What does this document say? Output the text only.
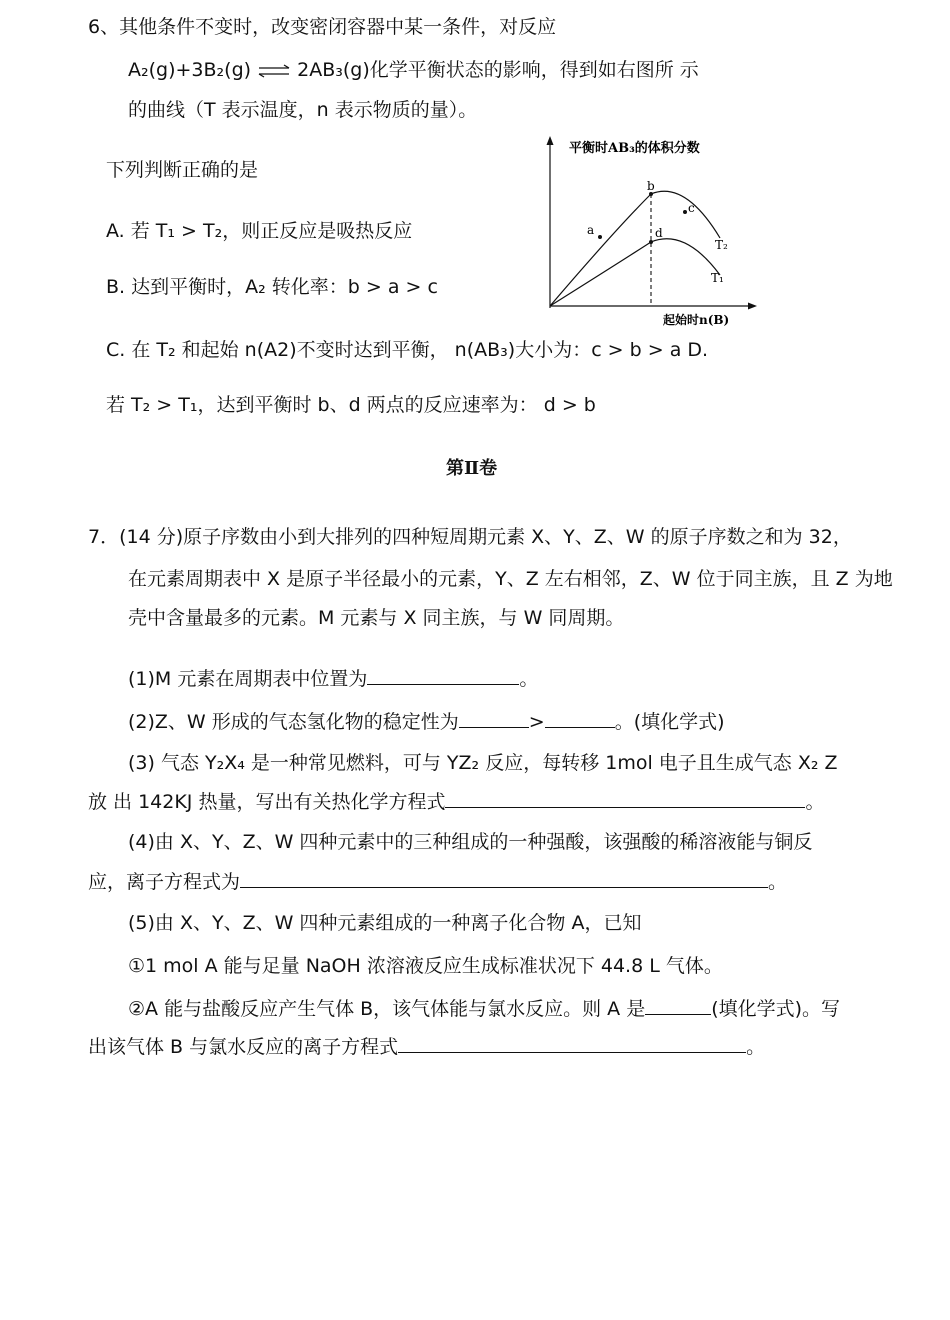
6、其他条件不变时，改变密闭容器中某一条件，对反应
A₂(g)+3B₂(g) ⇌ 2AB₃(g)化学平衡状态的影响，得到如右图所 示
的曲线（T 表示温度，n 表示物质的量）。
下列判断正确的是
A. 若 T₁ > T₂，则正反应是吸热反应
B. 达到平衡时，A₂ 转化率：b > a > c
C. 在 T₂ 和起始 n(A2)不变时达到平衡， n(AB₃)大小为：c > b > a D.
若 T₂ > T₁，达到平衡时 b、d 两点的反应速率为： d > b
平衡时AB₃的体积分数
起始时n(B)
a
b
c
d
T₂
T₁
第Ⅱ卷
7．(14 分)原子序数由小到大排列的四种短周期元素 X、Y、Z、W 的原子序数之和为 32，
在元素周期表中 X 是原子半径最小的元素，Y、Z 左右相邻，Z、W 位于同主族，且 Z 为地
壳中含量最多的元素。M 元素与 X 同主族，与 W 同周期。
(1)M 元素在周期表中位置为	。
(2)Z、W 形成的气态氢化物的稳定性为	>	。(填化学式)
(3) 气态 Y₂X₄ 是一种常见燃料，可与 YZ₂ 反应，每转移 1mol 电子且生成气态 X₂ Z
放 出 142KJ 热量，写出有关热化学方程式	。
(4)由 X、Y、Z、W 四种元素中的三种组成的一种强酸，该强酸的稀溶液能与铜反
应，离子方程式为	。
(5)由 X、Y、Z、W 四种元素组成的一种离子化合物 A，已知
①1 mol A 能与足量 NaOH 浓溶液反应生成标准状况下 44.8 L 气体。
②A 能与盐酸反应产生气体 B，该气体能与氯水反应。则 A 是	(填化学式)。写
出该气体 B 与氯水反应的离子方程式	。
